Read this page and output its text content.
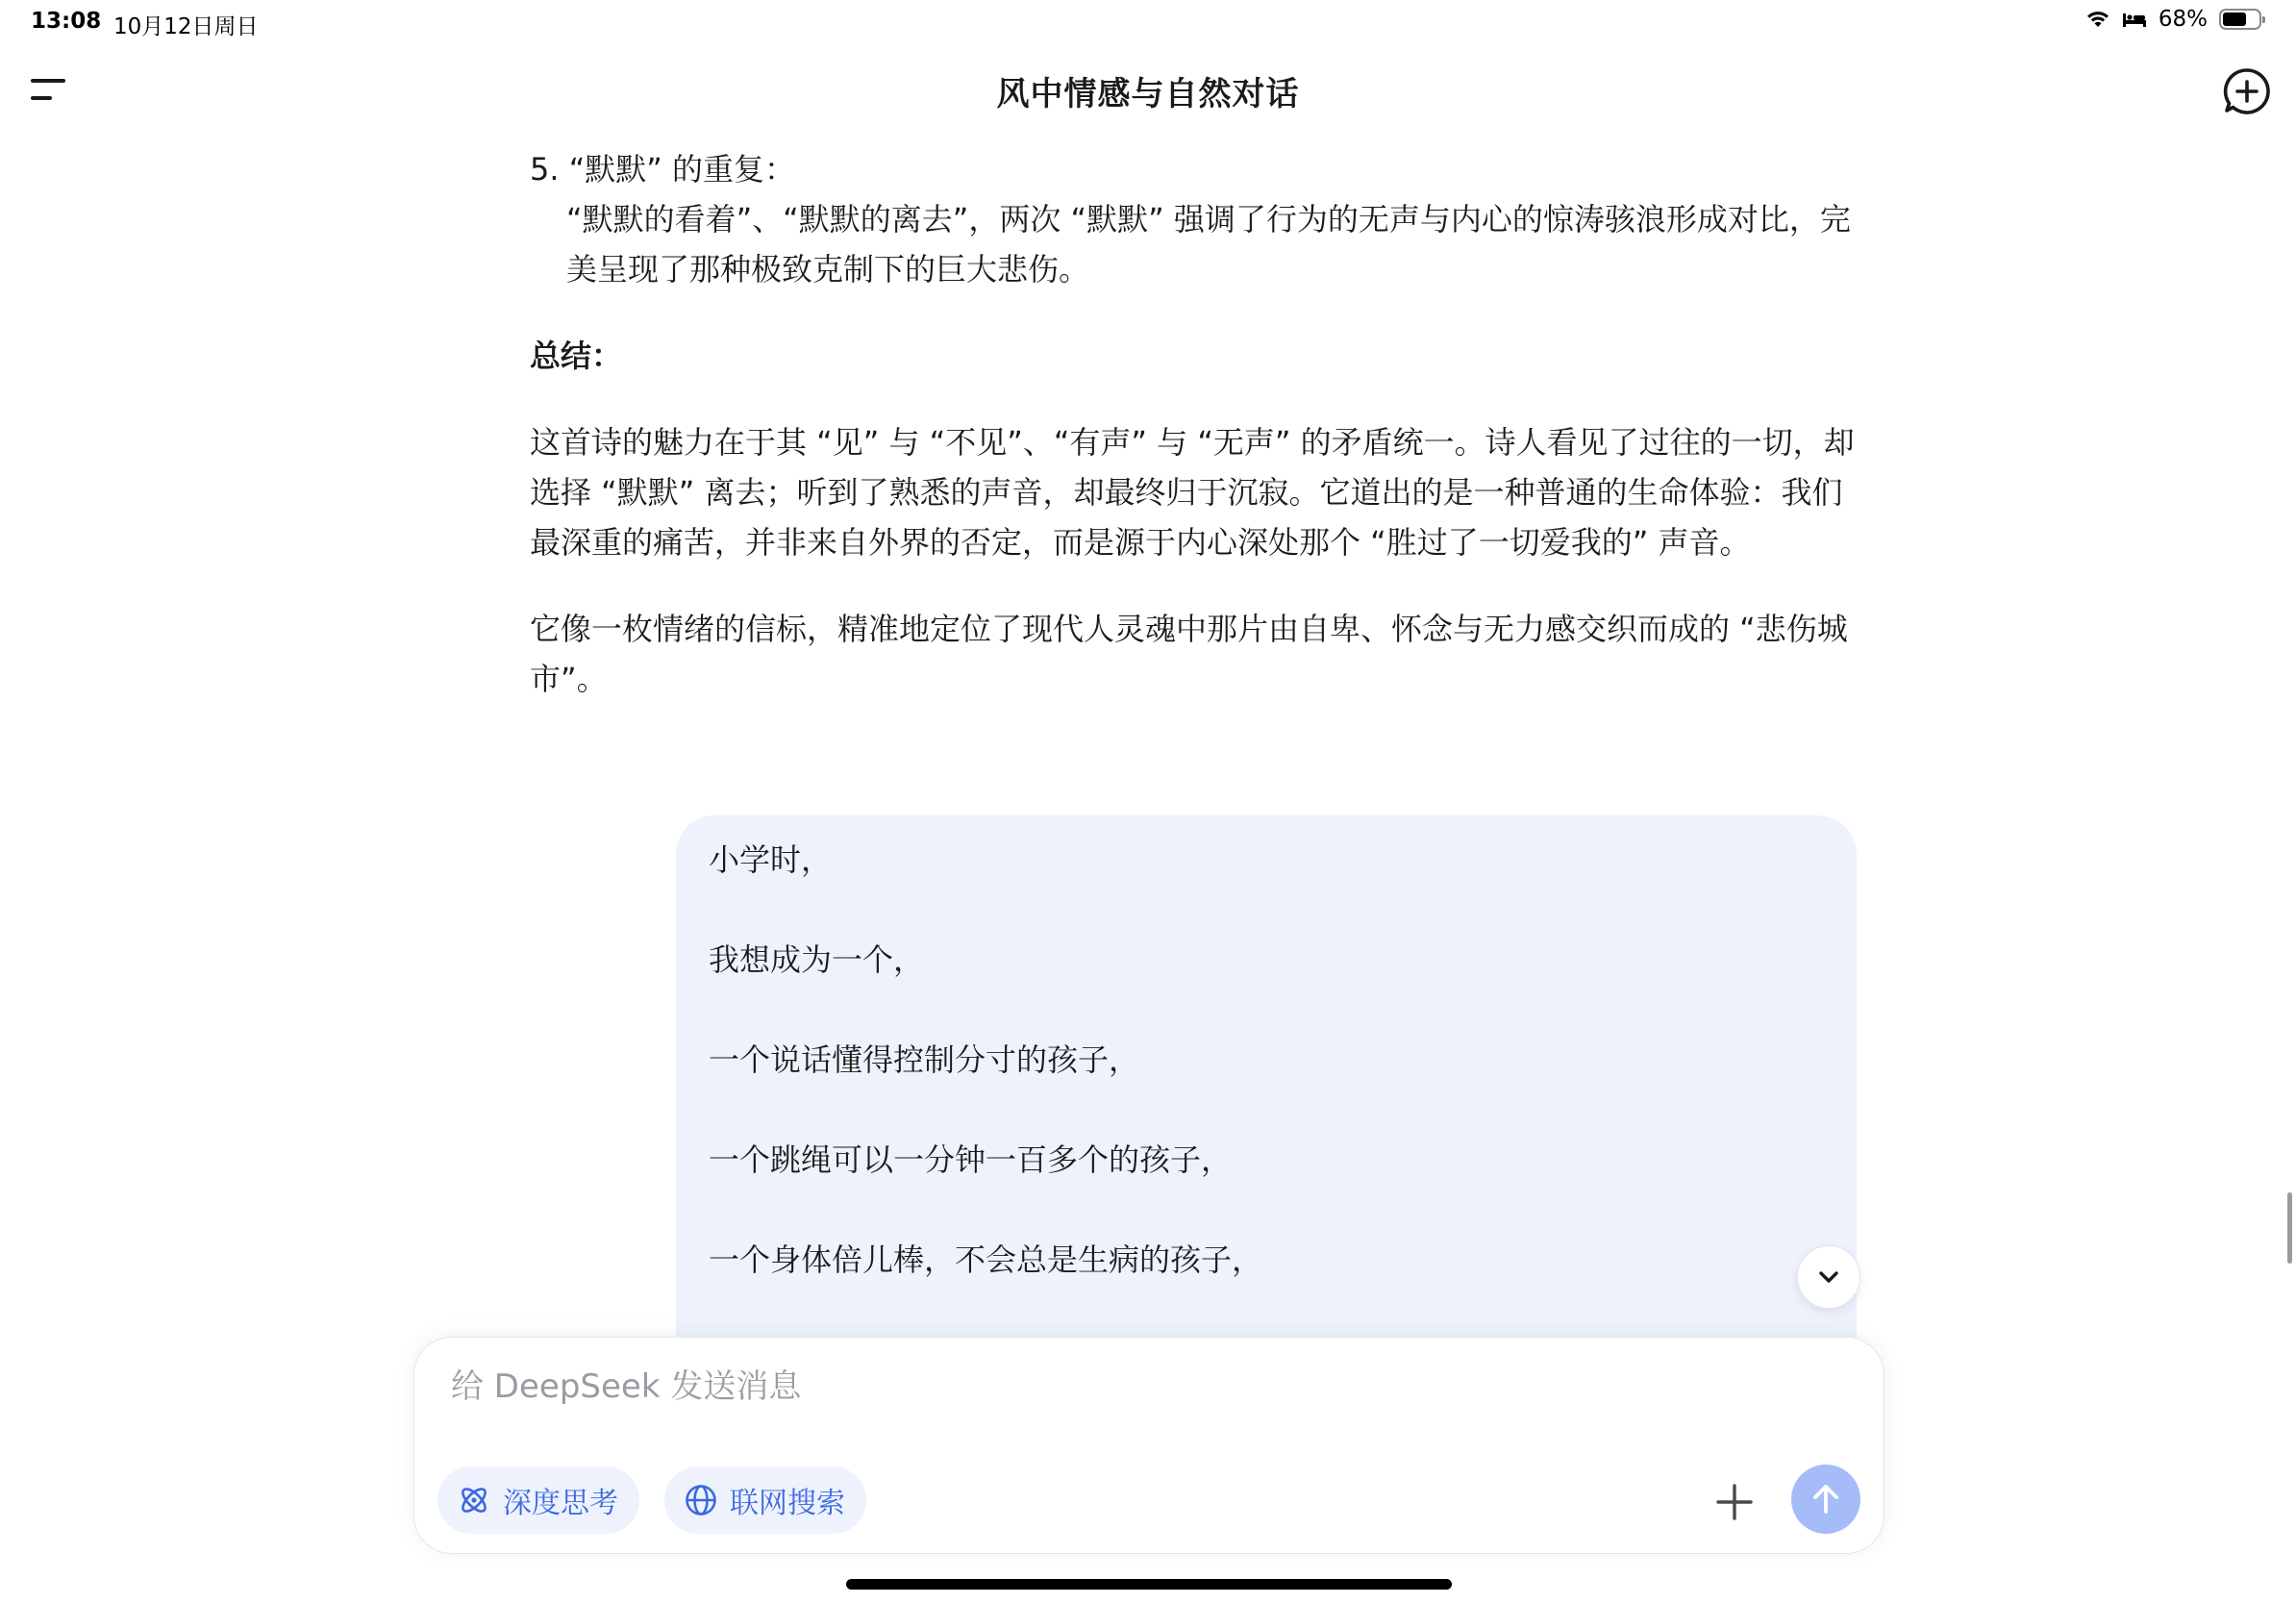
13:08 10月12日周日	68%
风中情感与自然对话

5. “默默” 的重复：

“默默的看着”、“默默的离去”，两次 “默默” 强调了行为的无声与内心的惊涛骇浪形成对比，完美呈现了那种极致克制下的巨大悲伤。

总结：

这首诗的魅力在于其 “见” 与 “不见”、“有声” 与 “无声” 的矛盾统一。诗人看见了过往的一切，却选择 “默默” 离去；听到了熟悉的声音，却最终归于沉寂。它道出的是一种普通的生命体验：我们最深重的痛苦，并非来自外界的否定，而是源于内心深处那个 “胜过了一切爱我的” 声音。

它像一枚情绪的信标，精准地定位了现代人灵魂中那片由自卑、怀念与无力感交织而成的 “悲伤城市”。

小学时，

我想成为一个，

一个说话懂得控制分寸的孩子，

一个跳绳可以一分钟一百多个的孩子，

一个身体倍儿棒，不会总是生病的孩子，

给 DeepSeek 发送消息
深度思考	联网搜索
